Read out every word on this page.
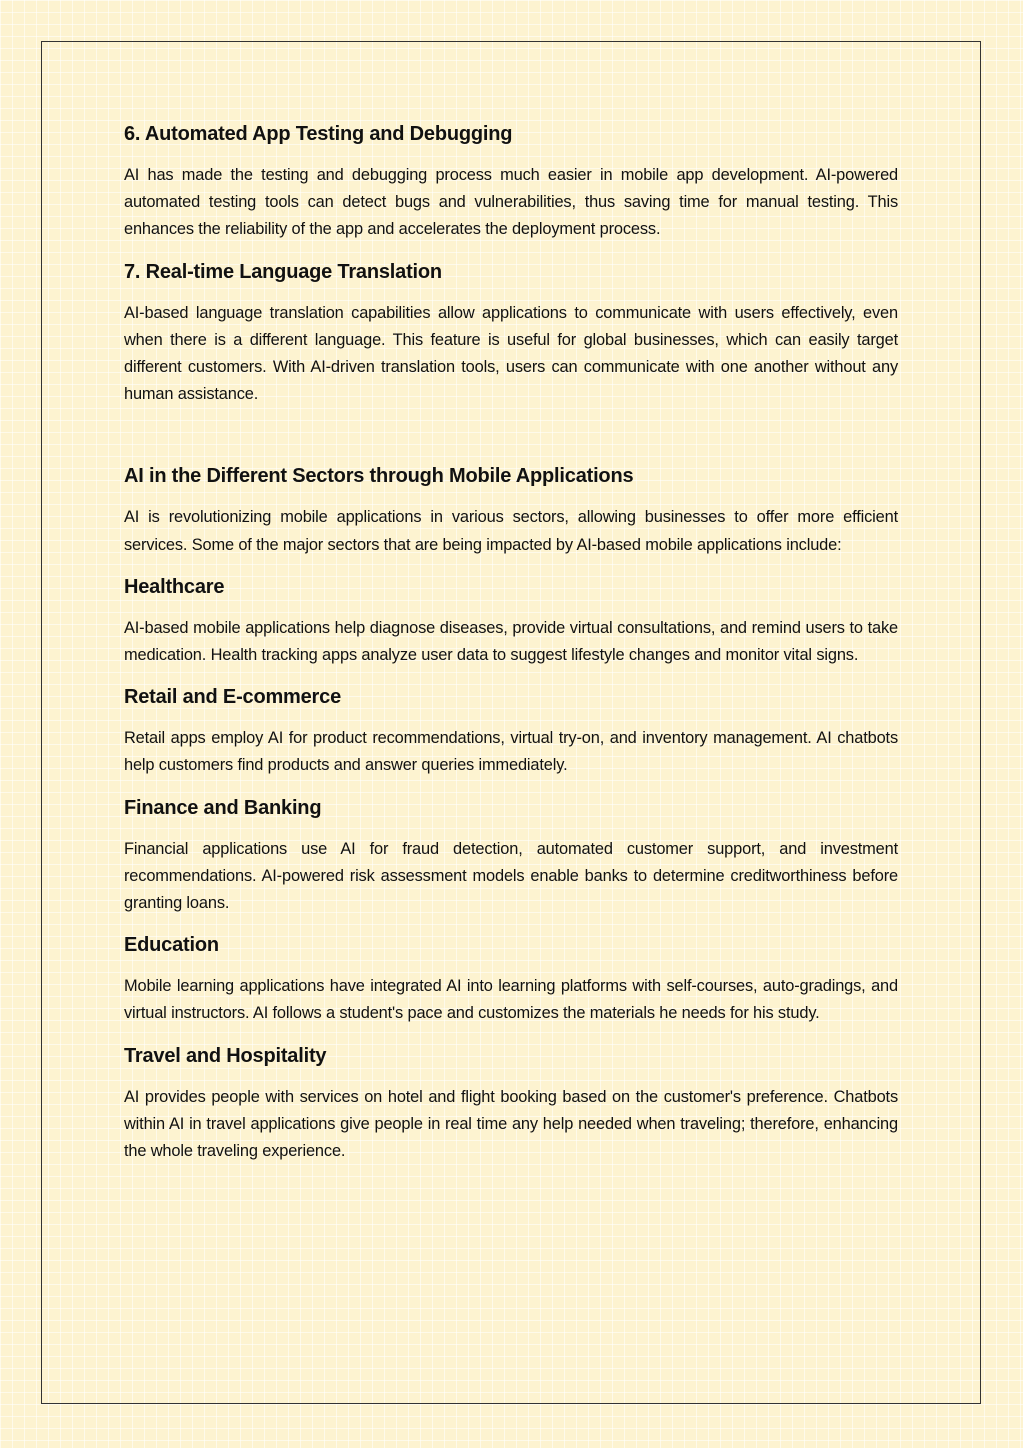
6. Automated App Testing and Debugging

AI has made the testing and debugging process much easier in mobile app development. AI-powered automated testing tools can detect bugs and vulnerabilities, thus saving time for manual testing. This enhances the reliability of the app and accelerates the deployment process.

7. Real-time Language Translation

AI-based language translation capabilities allow applications to communicate with users effectively, even when there is a different language. This feature is useful for global businesses, which can easily target different customers. With AI-driven translation tools, users can communicate with one another without any human assistance.

AI in the Different Sectors through Mobile Applications

AI is revolutionizing mobile applications in various sectors, allowing businesses to offer more efficient services. Some of the major sectors that are being impacted by AI-based mobile applications include:

Healthcare

AI-based mobile applications help diagnose diseases, provide virtual consultations, and remind users to take medication. Health tracking apps analyze user data to suggest lifestyle changes and monitor vital signs.

Retail and E-commerce

Retail apps employ AI for product recommendations, virtual try-on, and inventory management. AI chatbots help customers find products and answer queries immediately.

Finance and Banking

Financial applications use AI for fraud detection, automated customer support, and investment recommendations. AI-powered risk assessment models enable banks to determine creditworthiness before granting loans.

Education

Mobile learning applications have integrated AI into learning platforms with self-courses, auto-gradings, and virtual instructors. AI follows a student's pace and customizes the materials he needs for his study.

Travel and Hospitality

AI provides people with services on hotel and flight booking based on the customer's preference. Chatbots within AI in travel applications give people in real time any help needed when traveling; therefore, enhancing the whole traveling experience.
